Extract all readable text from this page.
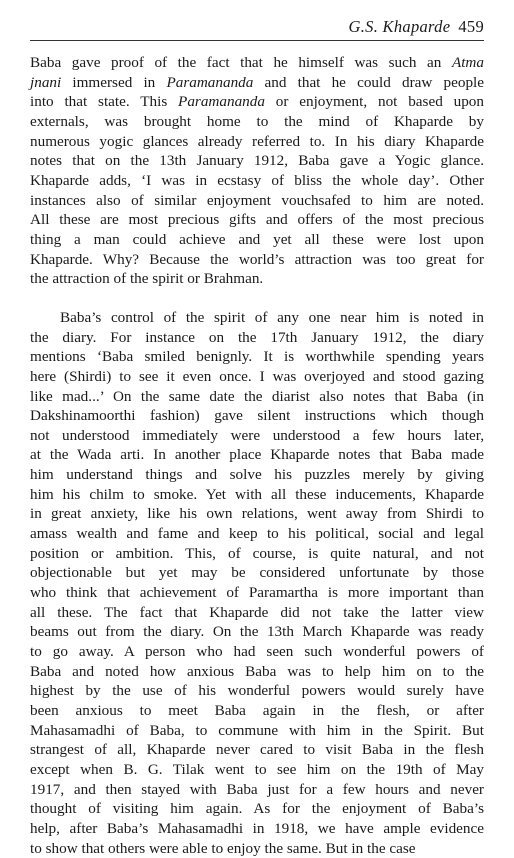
G.S. Khaparde 459

Baba gave proof of the fact that he himself was such an Atma
jnani immersed in Paramananda and that he could draw people
into that state. This Paramananda or enjoyment, not based upon
externals, was brought home to the mind of Khaparde by
numerous yogic glances already referred to. In his diary Khaparde
notes that on the 13th January 1912, Baba gave a Yogic glance.
Khaparde adds, ‘I was in ecstasy of bliss the whole day’. Other
instances also of similar enjoyment vouchsafed to him are noted.
All these are most precious gifts and offers of the most precious
thing a man could achieve and yet all these were lost upon
Khaparde. Why? Because the world’s attraction was too great for
the attraction of the spirit or Brahman.

Baba’s control of the spirit of any one near him is noted in
the diary. For instance on the 17th January 1912, the diary
mentions ‘Baba smiled benignly. It is worthwhile spending years
here (Shirdi) to see it even once. I was overjoyed and stood gazing
like mad...’ On the same date the diarist also notes that Baba (in
Dakshinamoorthi fashion) gave silent instructions which though
not understood immediately were understood a few hours later,
at the Wada arti. In another place Khaparde notes that Baba made
him understand things and solve his puzzles merely by giving
him his chilm to smoke. Yet with all these inducements, Khaparde
in great anxiety, like his own relations, went away from Shirdi to
amass wealth and fame and keep to his political, social and legal
position or ambition. This, of course, is quite natural, and not
objectionable but yet may be considered unfortunate by those
who think that achievement of Paramartha is more important than
all these. The fact that Khaparde did not take the latter view
beams out from the diary. On the 13th March Khaparde was ready
to go away. A person who had seen such wonderful powers of
Baba and noted how anxious Baba was to help him on to the
highest by the use of his wonderful powers would surely have
been anxious to meet Baba again in the flesh, or after
Mahasamadhi of Baba, to commune with him in the Spirit. But
strangest of all, Khaparde never cared to visit Baba in the flesh
except when B. G. Tilak went to see him on the 19th of May
1917, and then stayed with Baba just for a few hours and never
thought of visiting him again. As for the enjoyment of Baba’s
help, after Baba’s Mahasamadhi in 1918, we have ample evidence
to show that others were able to enjoy the same. But in the case
